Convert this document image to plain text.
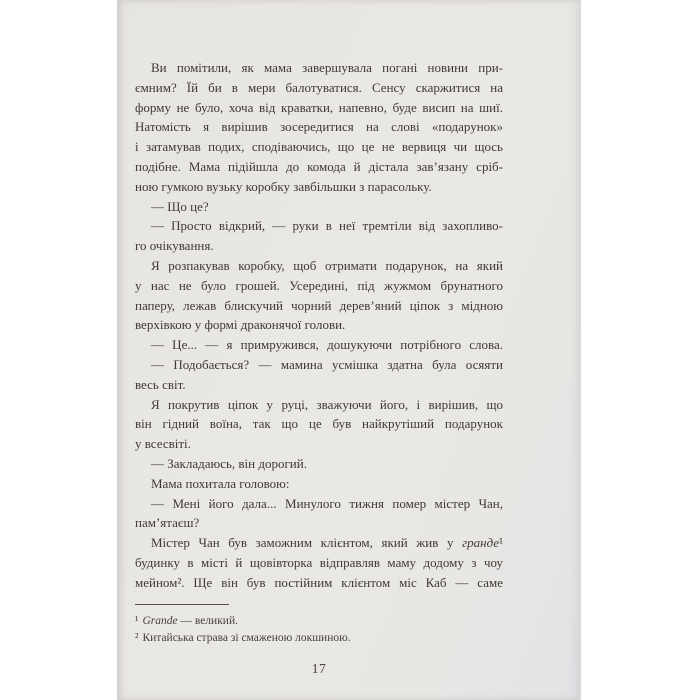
Ви помітили, як мама завершувала погані новини при-
ємним? Їй би в мери балотуватися. Сенсу скаржитися на
форму не було, хоча від краватки, напевно, буде висип на шиї.
Натомість я вирішив зосередитися на слові «подарунок»
і затамував подих, сподіваючись, що це не вервиця чи щось
подібне. Мама підійшла до комода й дістала зав’язану сріб-
ною гумкою вузьку коробку завбільшки з парасольку.
— Що це?
— Просто відкрий, — руки в неї тремтіли від захопливо-
го очікування.
Я розпакував коробку, щоб отримати подарунок, на який
у нас не було грошей. Усередині, під жужмом брунатного
паперу, лежав блискучий чорний дерев’яний ціпок з мідною
верхівкою у формі драконячої голови.
— Це... — я примружився, дошукуючи потрібного слова.
— Подобається? — мамина усмішка здатна була осяяти
весь світ.
Я покрутив ціпок у руці, зважуючи його, і вирішив, що
він гідний воїна, так що це був найкрутіший подарунок
у всесвіті.
— Закладаюсь, він дорогий.
Мама похитала головою:
— Мені його дала... Минулого тижня помер містер Чан,
пам’ятаєш?
Містер Чан був заможним клієнтом, який жив у гранде¹
будинку в місті й щовівторка відправляв маму додому з чоу
мейном². Ще він був постійним клієнтом міс Каб — саме
¹ Grande — великий.
² Китайська страва зі смаженою локшиною.
17
